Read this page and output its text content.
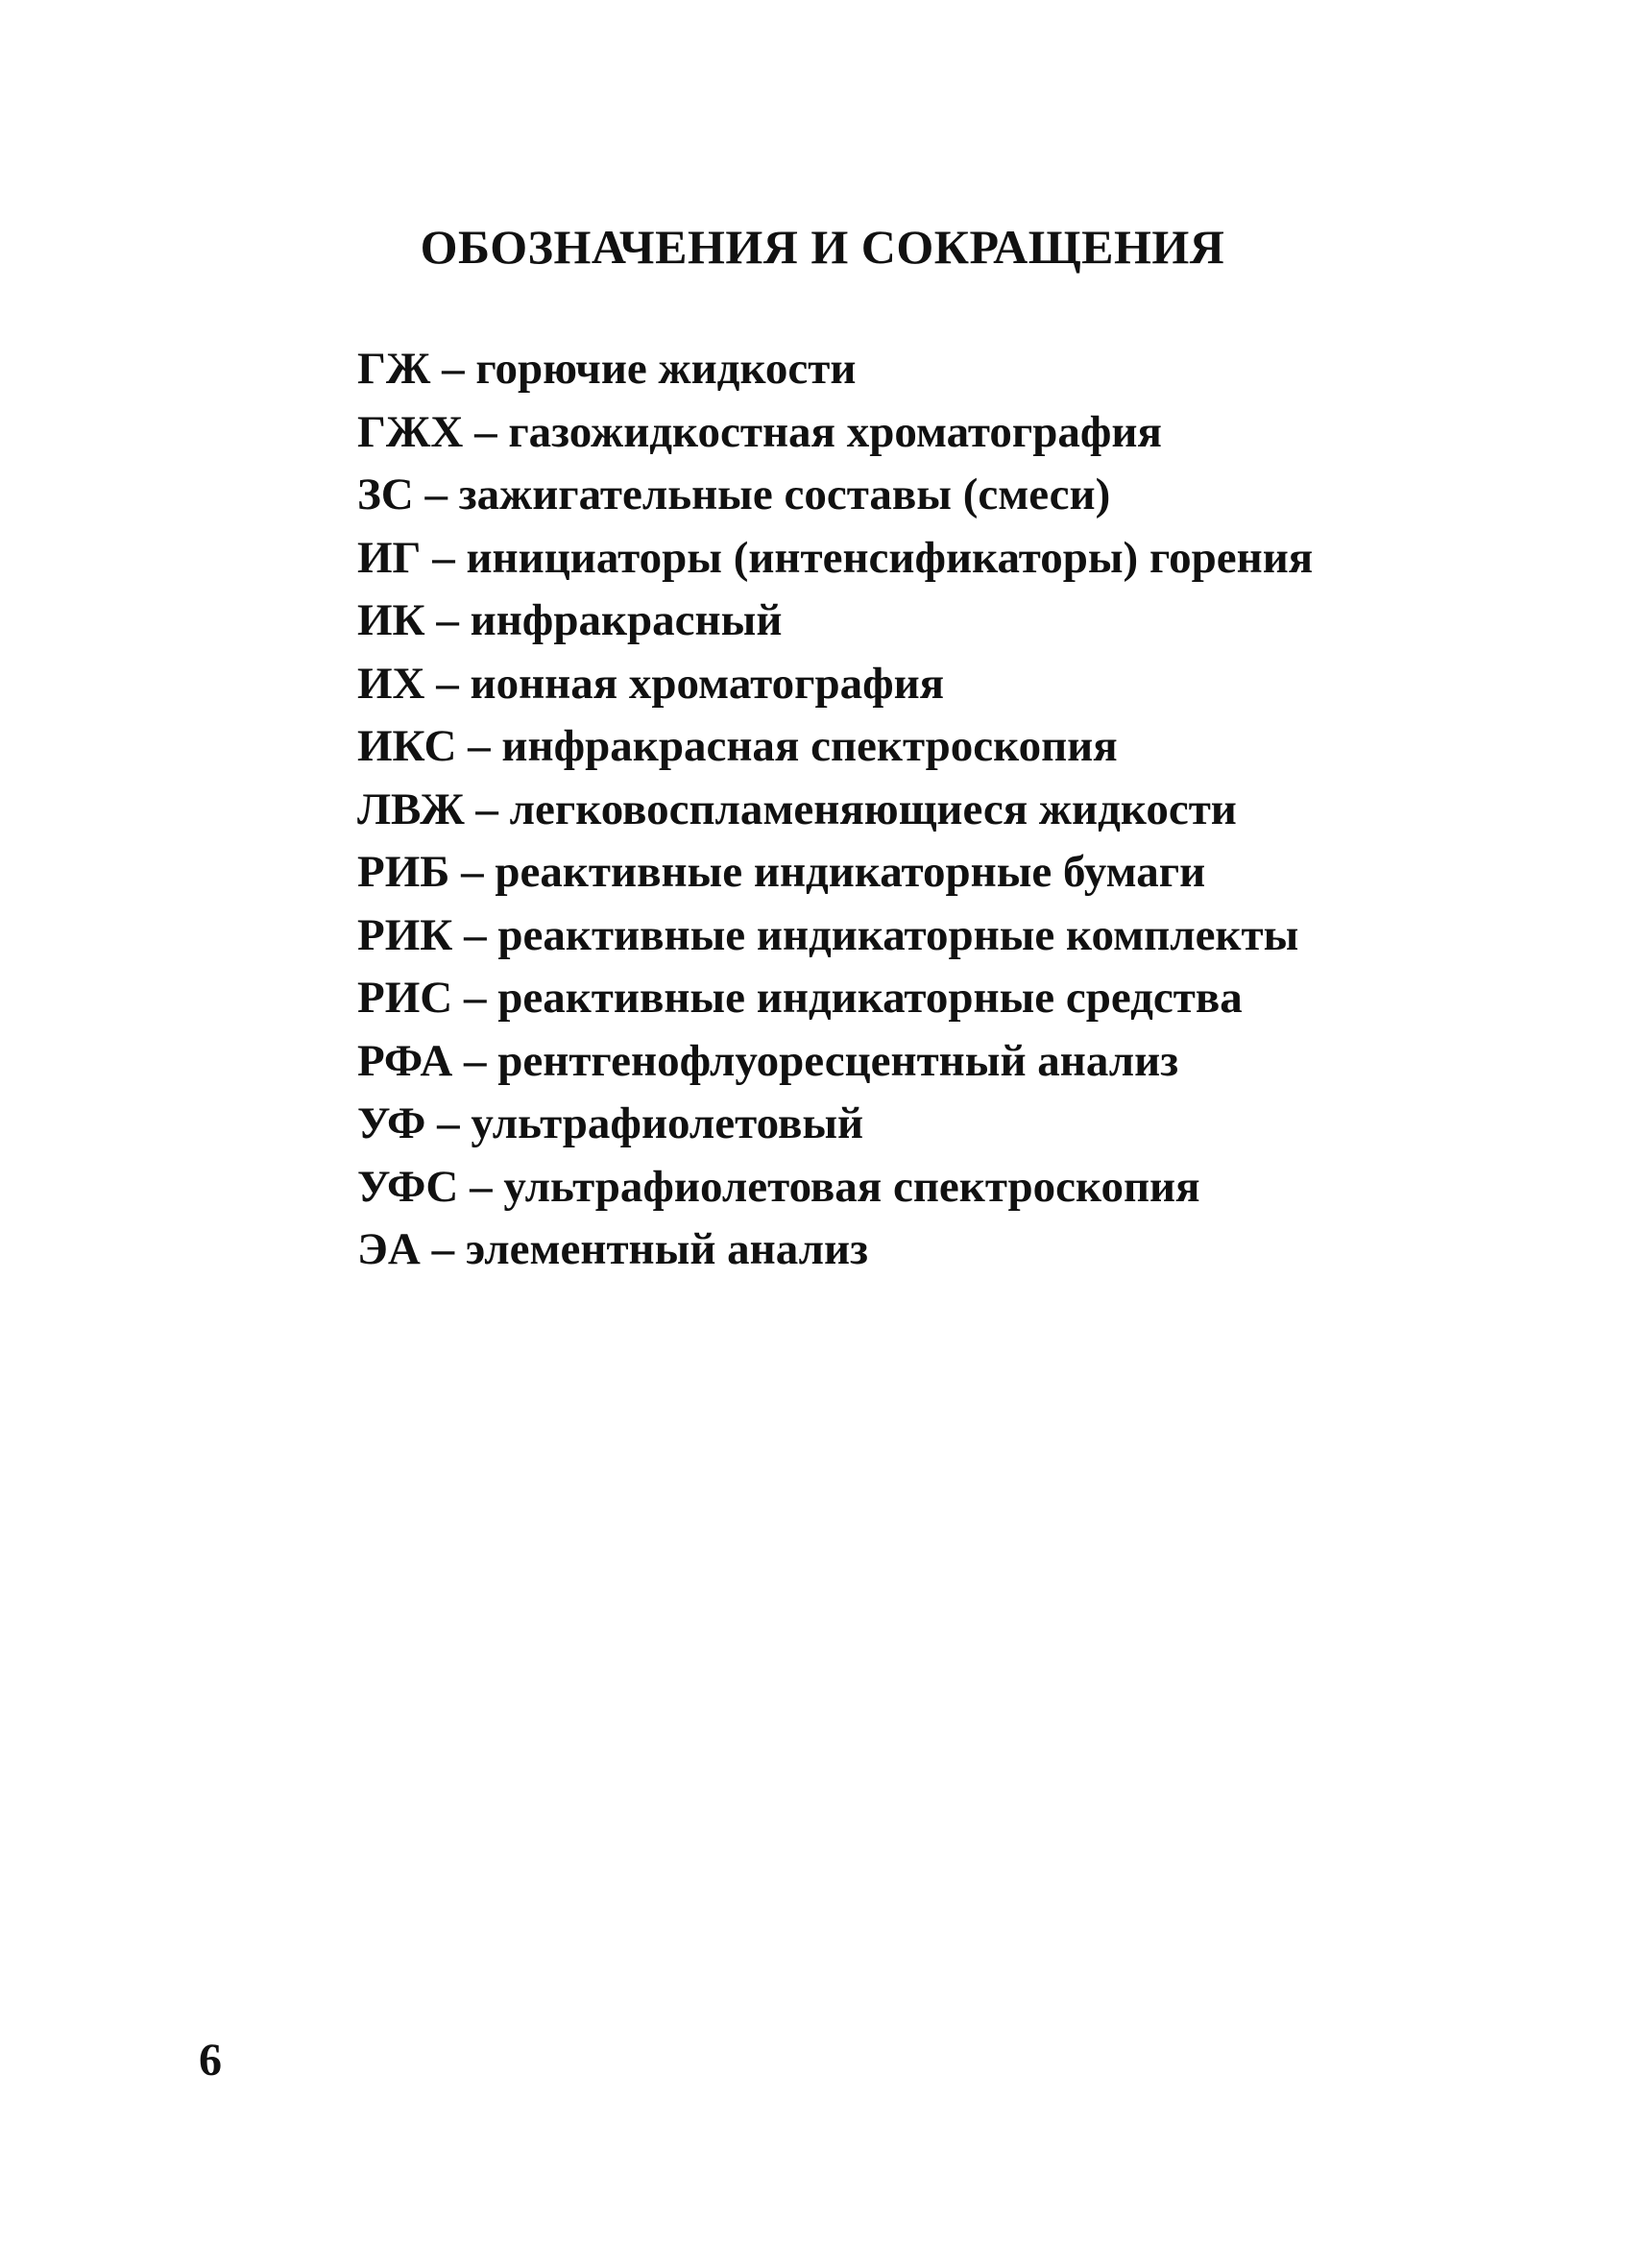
ОБОЗНАЧЕНИЯ И СОКРАЩЕНИЯ
ГЖ – горючие жидкости
ГЖХ – газожидкостная хроматография
ЗС – зажигательные составы (смеси)
ИГ – инициаторы (интенсификаторы) горения
ИК – инфракрасный
ИХ – ионная хроматография
ИКС – инфракрасная спектроскопия
ЛВЖ – легковоспламеняющиеся жидкости
РИБ – реактивные индикаторные бумаги
РИК – реактивные индикаторные комплекты
РИС – реактивные индикаторные средства
РФА – рентгенофлуоресцентный анализ
УФ – ультрафиолетовый
УФС – ультрафиолетовая спектроскопия
ЭА – элементный анализ
6
